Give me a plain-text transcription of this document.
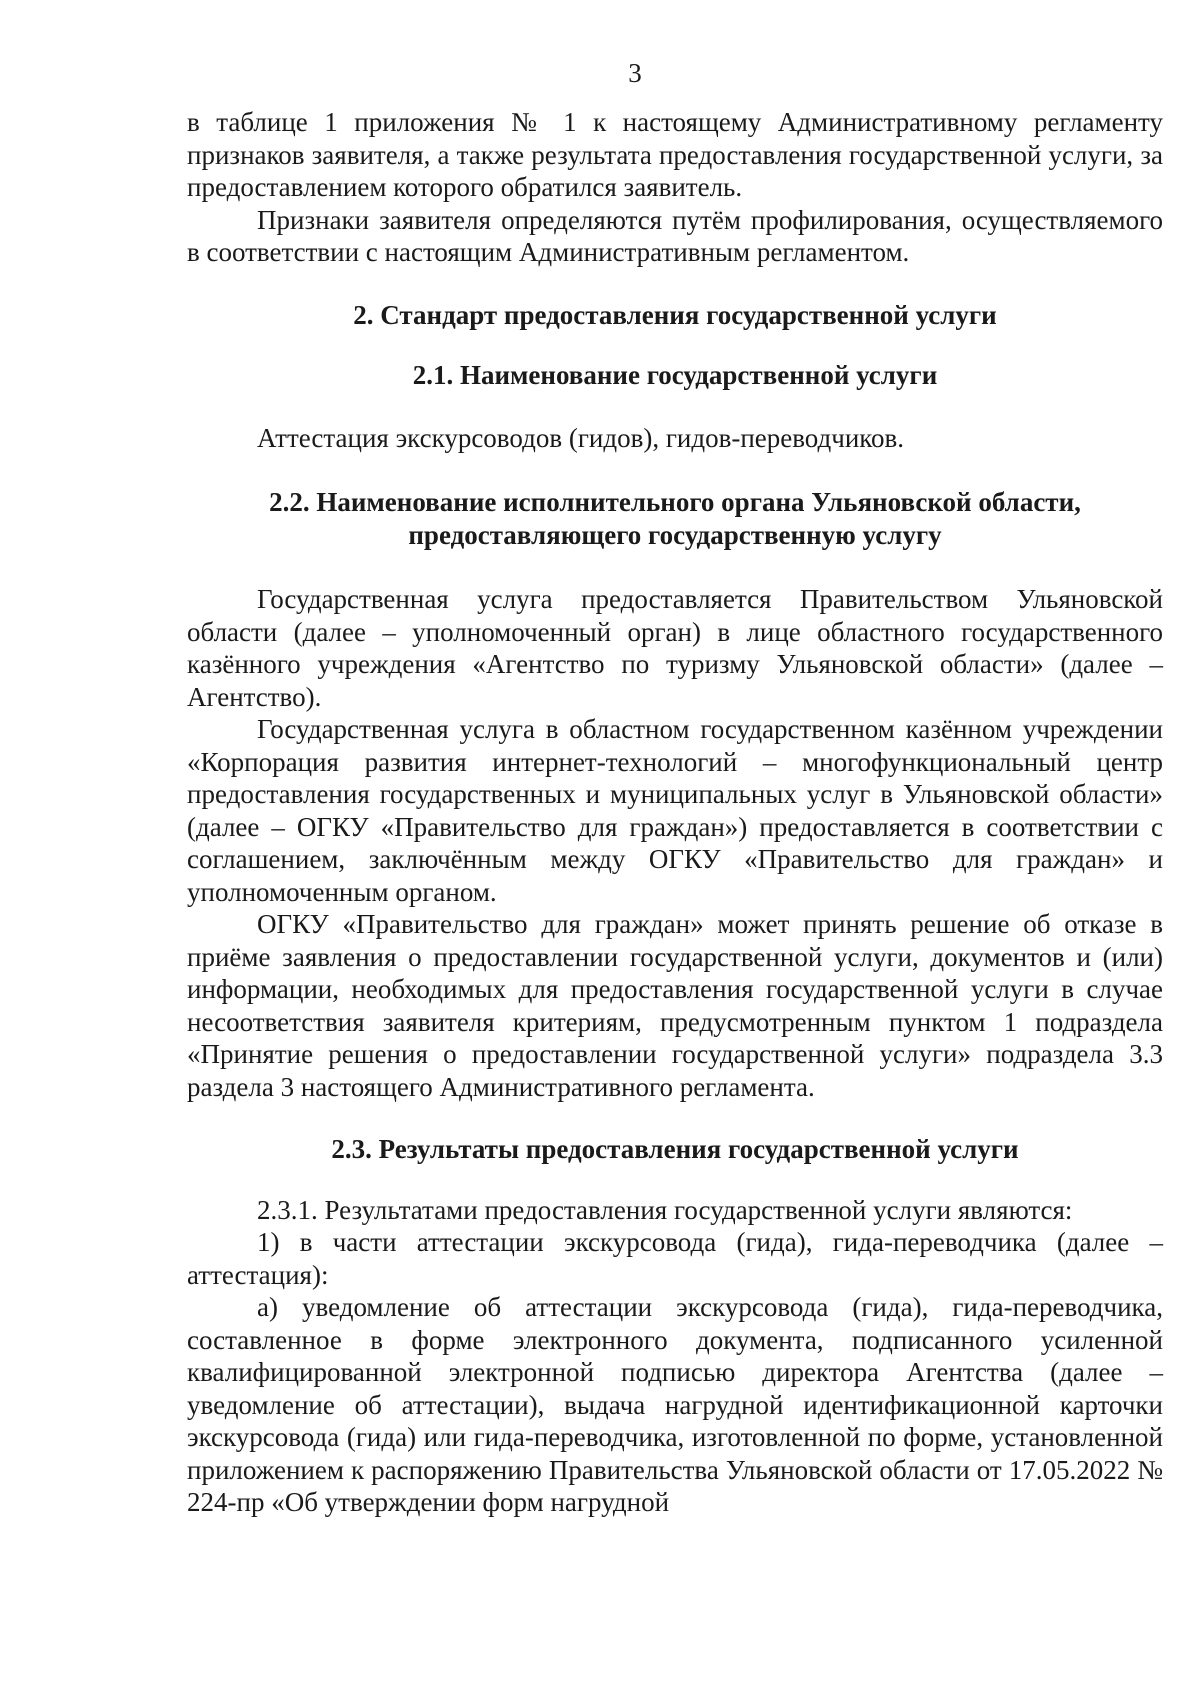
3

в таблице 1 приложения № 1 к настоящему Административному регламенту признаков заявителя, а также результата предоставления государственной услуги, за предоставлением которого обратился заявитель.

Признаки заявителя определяются путём профилирования, осуществляемого в соответствии с настоящим Административным регламентом.

2. Стандарт предоставления государственной услуги
2.1. Наименование государственной услуги

Аттестация экскурсоводов (гидов), гидов-переводчиков.

2.2. Наименование исполнительного органа Ульяновской области,
предоставляющего государственную услугу

Государственная услуга предоставляется Правительством Ульяновской области (далее – уполномоченный орган) в лице областного государственного казённого учреждения «Агентство по туризму Ульяновской области» (далее – Агентство).

Государственная услуга в областном государственном казённом учреждении «Корпорация развития интернет-технологий – многофункциональный центр предоставления государственных и муниципальных услуг в Ульяновской области» (далее – ОГКУ «Правительство для граждан») предоставляется в соответствии с соглашением, заключённым между ОГКУ «Правительство для граждан» и уполномоченным органом.

ОГКУ «Правительство для граждан» может принять решение об отказе в приёме заявления о предоставлении государственной услуги, документов и (или) информации, необходимых для предоставления государственной услуги в случае несоответствия заявителя критериям, предусмотренным пунктом 1 подраздела «Принятие решения о предоставлении государственной услуги» подраздела 3.3 раздела 3 настоящего Административного регламента.

2.3. Результаты предоставления государственной услуги

2.3.1. Результатами предоставления государственной услуги являются:

1) в части аттестации экскурсовода (гида), гида-переводчика (далее – аттестация):

а) уведомление об аттестации экскурсовода (гида), гида-переводчика, составленное в форме электронного документа, подписанного усиленной квалифицированной электронной подписью директора Агентства (далее – уведомление об аттестации), выдача нагрудной идентификационной карточки экскурсовода (гида) или гида-переводчика, изготовленной по форме, установленной приложением к распоряжению Правительства Ульяновской области от 17.05.2022 № 224-пр «Об утверждении форм нагрудной
